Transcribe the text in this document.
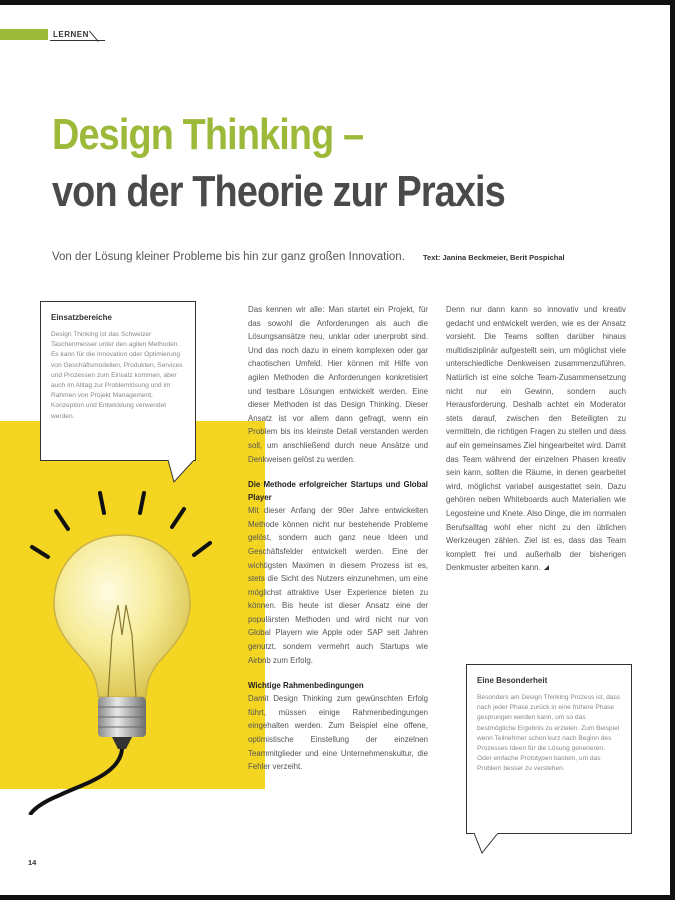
LERNEN
Design Thinking –
von der Theorie zur Praxis
Von der Lösung kleiner Probleme bis hin zur ganz großen Innovation. Text: Janina Beckmeier, Berit Pospichal
Einsatzbereiche
Design Thinking ist das Schweizer Taschenmesser unter den agilen Methoden. Es kann für die Innovation oder Optimierung von Geschäftsmodellen, Produkten, Services und Prozessen zum Einsatz kommen, aber auch im Alltag zur Problemlösung und im Rahmen von Projekt Management, Konzeption und Entwicklung verwendet werden.

Das kennen wir alle: Man startet ein Projekt, für das sowohl die Anforderungen als auch die Lösungsansätze neu, unklar oder unerprobt sind. Und das noch dazu in einem komplexen oder gar chaotischen Umfeld. Hier können mit Hilfe von agilen Methoden die Anforderungen konkretisiert und testbare Lösungen entwickelt werden. Eine dieser Methoden ist das Design Thinking. Dieser Ansatz ist vor allem dann gefragt, wenn ein Problem bis ins kleinste Detail verstanden werden soll, um anschließend durch neue Ansätze und Denkweisen gelöst zu werden.

Die Methode erfolgreicher Startups und Global Player

Mit dieser Anfang der 90er Jahre entwickelten Methode können nicht nur bestehende Probleme gelöst, sondern auch ganz neue Ideen und Geschäftsfelder entwickelt werden. Eine der wichtigsten Maximen in diesem Prozess ist es, stets die Sicht des Nutzers einzunehmen, um eine möglichst attraktive User Experience bieten zu können. Bis heute ist dieser Ansatz eine der populärsten Methoden und wird nicht nur von Global Playern wie Apple oder SAP seit Jahren genutzt, sondern vermehrt auch Startups wie Airbnb zum Erfolg.

Wichtige Rahmenbedingungen

Damit Design Thinking zum gewünschten Erfolg führt, müssen einige Rahmenbedingungen eingehalten werden. Zum Beispiel eine offene, optimistische Einstellung der einzelnen Teammitglieder und eine Unternehmenskultur, die Fehler verzeiht.

Denn nur dann kann so innovativ und kreativ gedacht und entwickelt werden, wie es der Ansatz vorsieht. Die Teams sollten darüber hinaus multidisziplinär aufgestellt sein, um möglichst viele unterschiedliche Denkweisen zusammenzuführen. Natürlich ist eine solche Team-Zusammensetzung nicht nur ein Gewinn, sondern auch Herausforderung. Deshalb achtet ein Moderator stets darauf, zwischen den Beteiligten zu vermitteln, die richtigen Fragen zu stellen und dass auf ein gemeinsames Ziel hingearbeitet wird. Damit das Team während der einzelnen Phasen kreativ sein kann, sollten die Räume, in denen gearbeitet wird, möglichst variabel ausgestattet sein. Dazu gehören neben Whiteboards auch Materialien wie Legosteine und Knete. Also Dinge, die im normalen Berufsalltag wohl eher nicht zu den üblichen Werkzeugen zählen. Ziel ist es, dass das Team komplett frei und außerhalb der bisherigen Denkmuster arbeiten kann.

Eine Besonderheit
Besonders am Design Thinking Prozess ist, dass nach jeder Phase zurück in eine frühere Phase gesprungen werden kann, um so das bestmögliche Ergebnis zu erzielen. Zum Beispiel wenn Teilnehmer schon kurz nach Beginn des Prozesses Ideen für die Lösung generieren. Oder einfache Prototypen basteln, um das Problem besser zu verstehen.
14
